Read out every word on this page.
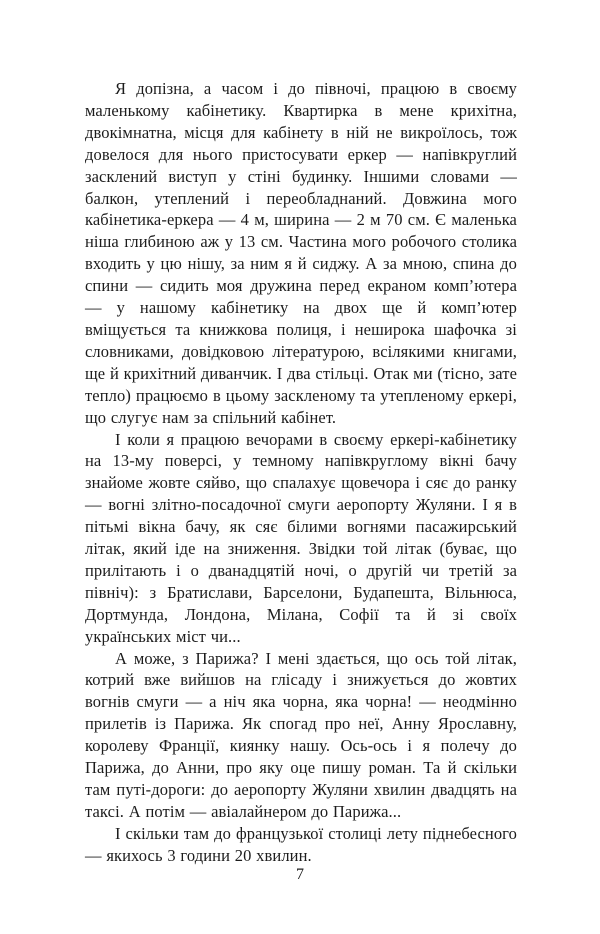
Я допізна, а часом і до півночі, працюю в своєму маленькому кабінетику. Квартирка в мене крихітна, двокімнатна, місця для кабінету в ній не викроїлось, тож довелося для нього пристосувати еркер — напівкруглий засклений виступ у стіні будинку. Іншими словами — балкон, утеплений і переобладнаний. Довжина мого кабінетика-еркера — 4 м, ширина — 2 м 70 см. Є маленька ніша глибиною аж у 13 см. Частина мого робочого столика входить у цю нішу, за ним я й сиджу. А за мною, спина до спини — сидить моя дружина перед екраном комп’ютера — у нашому кабінетику на двох ще й комп’ютер вміщується та книжкова полиця, і неширока шафочка зі словниками, довідковою літературою, всілякими книгами, ще й крихітний диванчик. І два стільці. Отак ми (тісно, зате тепло) працюємо в цьому заскленому та утепленому еркері, що слугує нам за спільний кабінет.

І коли я працюю вечорами в своєму еркері-кабінетику на 13-му поверсі, у темному напівкруглому вікні бачу знайоме жовте сяйво, що спалахує щовечора і сяє до ранку — вогні злітно-посадочної смуги аеропорту Жуляни. І я в пітьмі вікна бачу, як сяє білими вогнями пасажирський літак, який іде на зниження. Звідки той літак (буває, що прилітають і о дванадцятій ночі, о другій чи третій за північ): з Братислави, Барселони, Будапешта, Вільнюса, Дортмунда, Лондона, Мілана, Софії та й зі своїх українських міст чи...

А може, з Парижа? І мені здається, що ось той літак, котрий вже вийшов на глісаду і знижується до жовтих вогнів смуги — а ніч яка чорна, яка чорна! — неодмінно прилетів із Парижа. Як спогад про неї, Анну Ярославну, королеву Франції, киянку нашу. Ось-ось і я полечу до Парижа, до Анни, про яку оце пишу роман. Та й скільки там путі-дороги: до аеропорту Жуляни хвилин двадцять на таксі. А потім — авіалайнером до Парижа...

І скільки там до французької столиці лету піднебесного — якихось 3 години 20 хвилин.

7
